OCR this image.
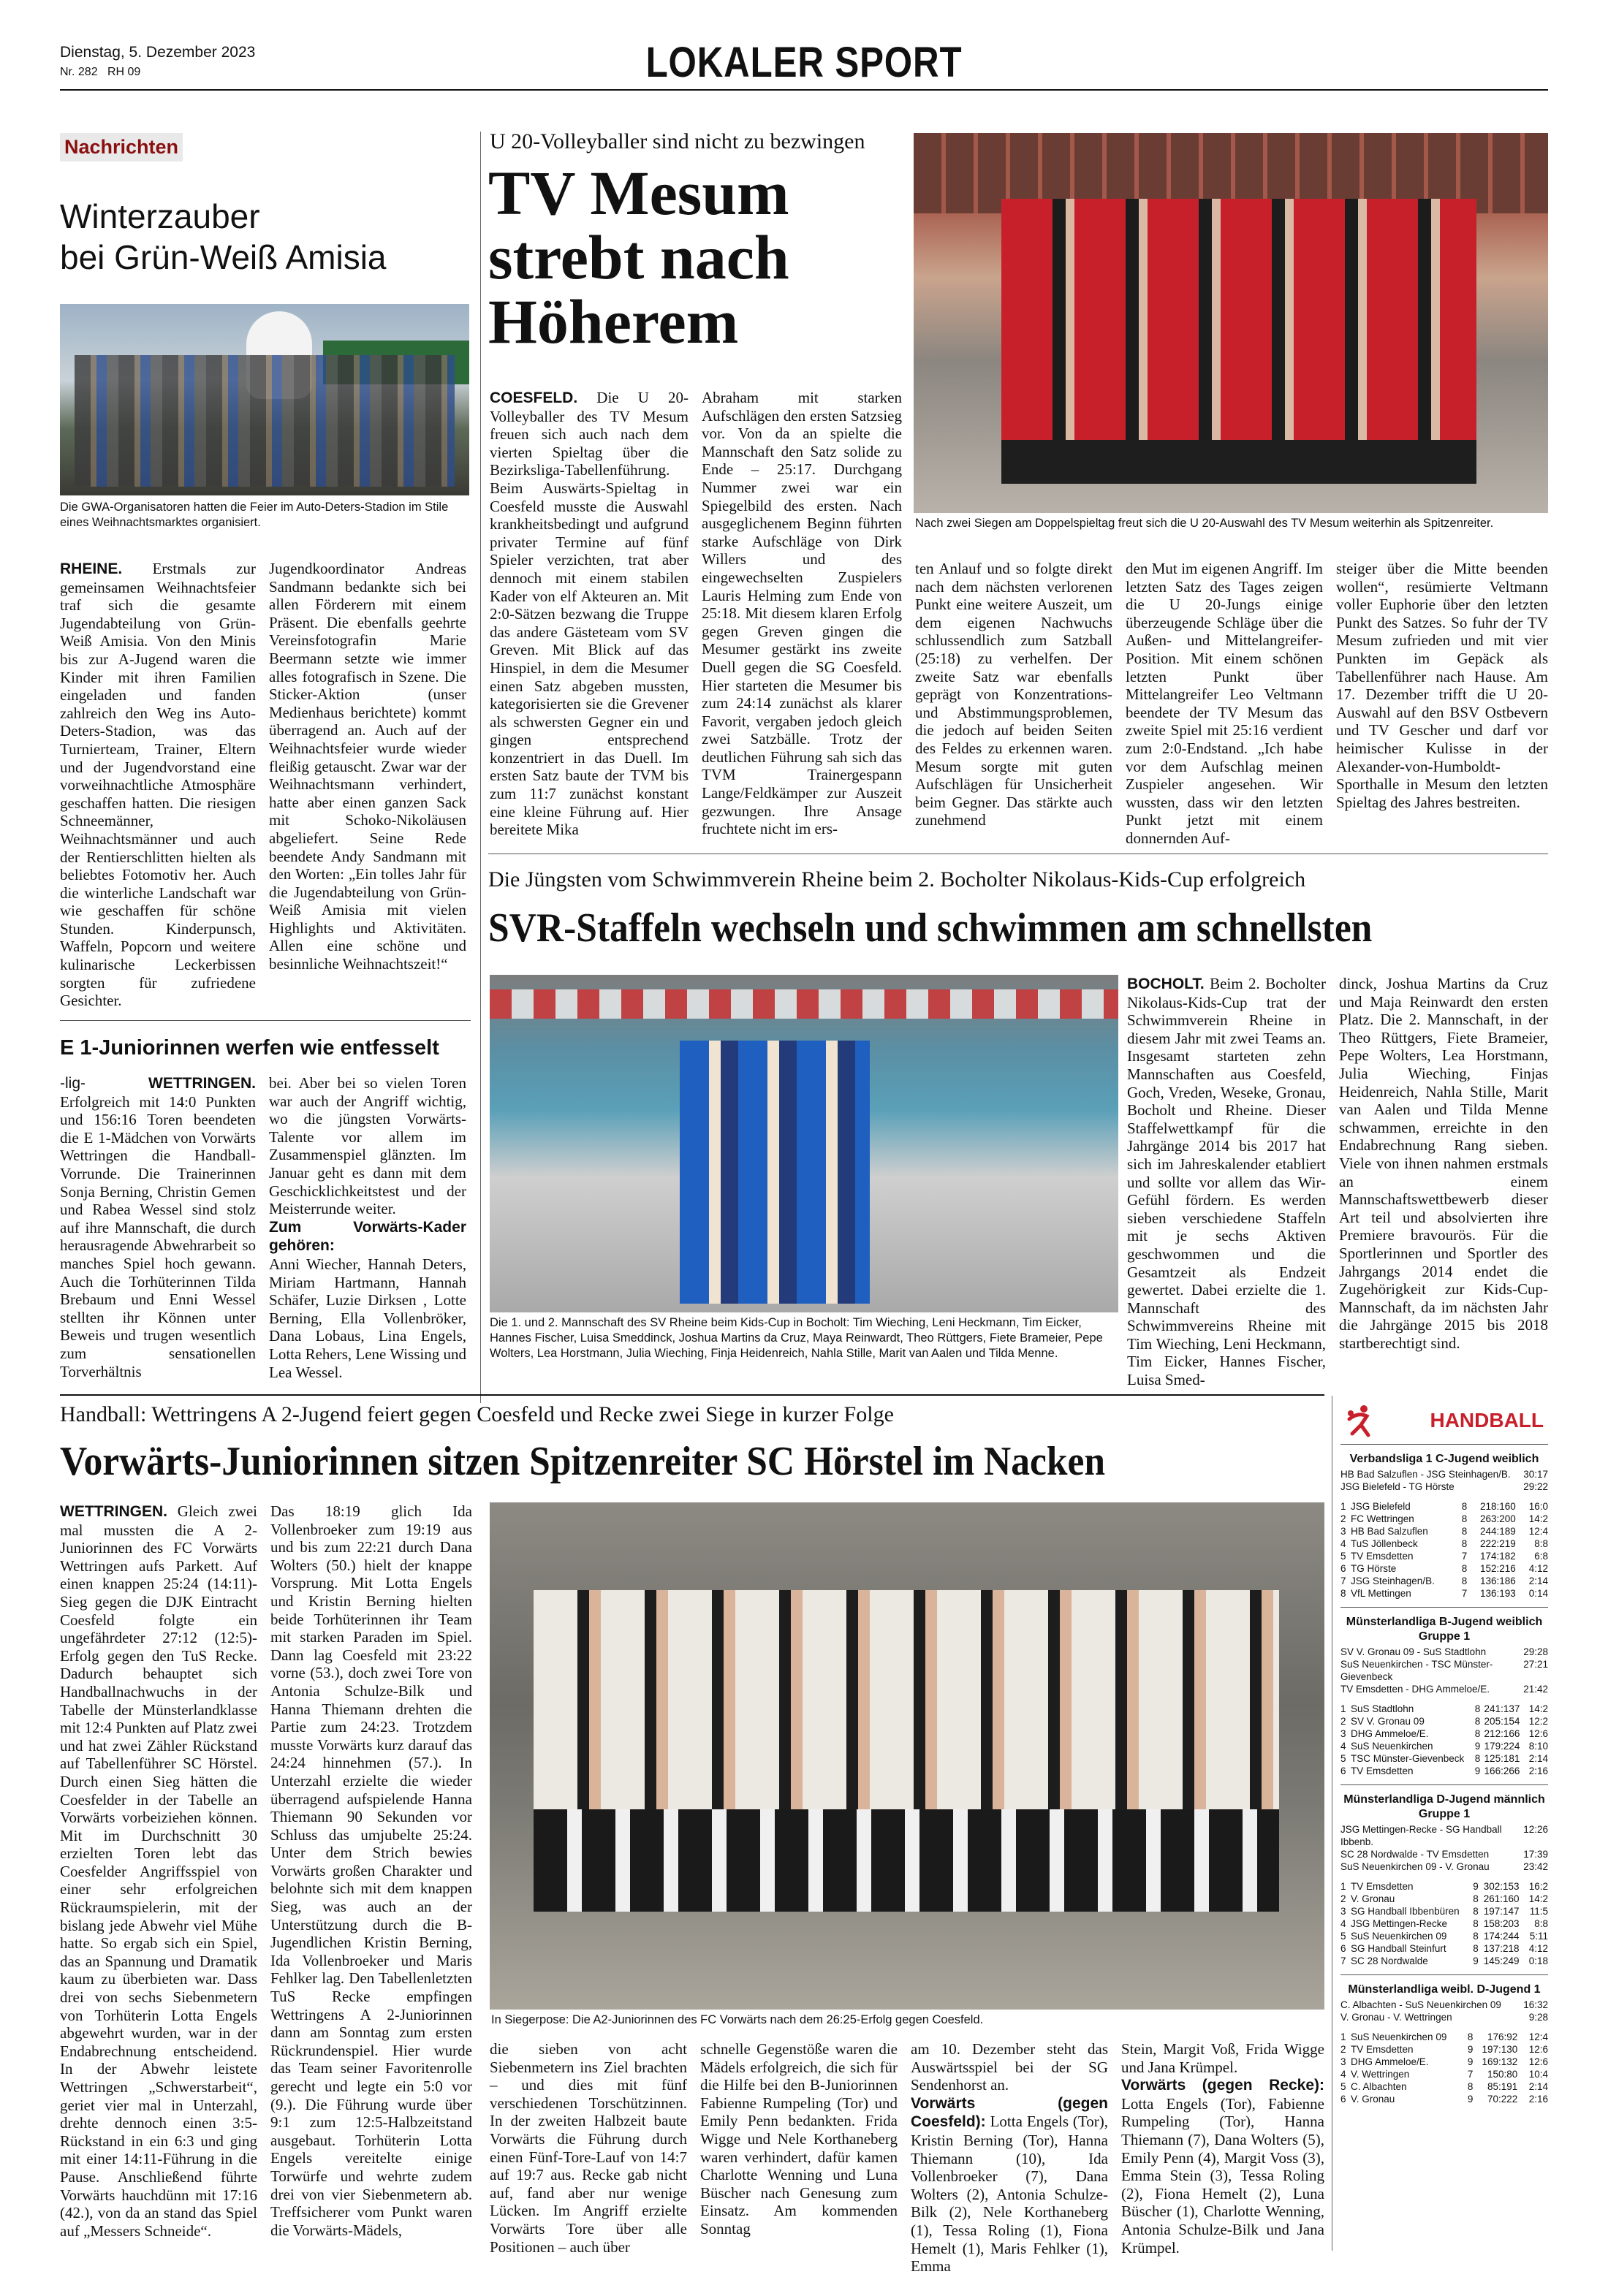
Dienstag, 5. Dezember 2023
Nr. 282 RH 09	LOKALER SPORT
Nachrichten
Winterzauber
bei Grün-Weiß Amisia
Die GWA-Organisatoren hatten die Feier im Auto-Deters-Stadion im Stile eines Weihnachtsmarktes organisiert.
RHEINE. Erstmals zur gemeinsamen Weihnachtsfeier traf sich die gesamte Jugendabteilung von Grün-Weiß Amisia. Von den Minis bis zur A-Jugend waren die Kinder mit ihren Familien eingeladen und fanden zahlreich den Weg ins Auto-Deters-Stadion, was das Turnierteam, Trainer, Eltern und der Jugendvorstand eine vorweihnachtliche Atmosphäre geschaffen hatten. Die riesigen Schneemänner, Weihnachtsmänner und auch der Rentierschlitten hielten als beliebtes Fotomotiv her. Auch die winterliche Landschaft war wie geschaffen für schöne Stunden. Kinderpunsch, Waffeln, Popcorn und weitere kulinarische Leckerbissen sorgten für zufriedene Gesichter.
Jugendkoordinator Andreas Sandmann bedankte sich bei allen Förderern mit einem Präsent. Die ebenfalls geehrte Vereinsfotografin Marie Beermann setzte wie immer alles fotografisch in Szene. Die Sticker-Aktion (unser Medienhaus berichtete) kommt überragend an. Auch auf der Weihnachtsfeier wurde wieder fleißig getauscht. Zwar war der Weihnachtsmann verhindert, hatte aber einen ganzen Sack mit Schoko-Nikoläusen abgeliefert. Seine Rede beendete Andy Sandmann mit den Worten: „Ein tolles Jahr für die Jugendabteilung von Grün-Weiß Amisia mit vielen Highlights und Aktivitäten. Allen eine schöne und besinnliche Weihnachtszeit!“
E 1-Juniorinnen werfen wie entfesselt
-lig-	WETTRINGEN. Erfolgreich mit 14:0 Punkten und 156:16 Toren beendeten die E 1-Mädchen von Vorwärts Wettringen die Handball-Vorrunde. Die Trainerinnen Sonja Berning, Christin Gemen und Rabea Wessel sind stolz auf ihre Mannschaft, die durch herausragende Abwehrarbeit so manches Spiel hoch gewann. Auch die Torhüterinnen Tilda Brebaum und Enni Wessel stellten ihr Können unter Beweis und trugen wesentlich zum sensationellen Torverhältnis
bei. Aber bei so vielen Toren war auch der Angriff wichtig, wo die jüngsten Vorwärts-Talente vor allem im Zusammenspiel glänzten. Im Januar geht es dann mit dem Geschicklichkeitstest und der Meisterrunde weiter.
Zum Vorwärts-Kader gehören:
Anni Wiecher, Hannah Deters, Miriam Hartmann, Hannah Schäfer, Luzie Dirksen , Lotte Berning, Ella Vollenbröker, Dana Lobaus, Lina Engels, Lotta Rehers, Lene Wissing und Lea Wessel.
U 20-Volleyballer sind nicht zu bezwingen
TV Mesum
strebt nach
Höherem
Nach zwei Siegen am Doppelspieltag freut sich die U 20-Auswahl des TV Mesum weiterhin als Spitzenreiter.
COESFELD. Die U 20-Volleyballer des TV Mesum freuen sich auch nach dem vierten Spieltag über die Bezirksliga-Tabellenführung. Beim Auswärts-Spieltag in Coesfeld musste die Auswahl krankheitsbedingt und aufgrund privater Termine auf fünf Spieler verzichten, trat aber dennoch mit einem stabilen Kader von elf Akteuren an. Mit 2:0-Sätzen bezwang die Truppe das andere Gästeteam vom SV Greven. Mit Blick auf das Hinspiel, in dem die Mesumer einen Satz abgeben mussten, kategorisierten sie die Grevener als schwersten Gegner ein und gingen entsprechend konzentriert in das Duell. Im ersten Satz baute der TVM bis zum 11:7 zunächst konstant eine kleine Führung auf. Hier bereitete Mika
Abraham mit starken Aufschlägen den ersten Satzsieg vor. Von da an spielte die Mannschaft den Satz solide zu Ende – 25:17. Durchgang Nummer zwei war ein Spiegelbild des ersten. Nach ausgeglichenem Beginn führten starke Aufschläge von Dirk Willers und des eingewechselten Zuspielers Lauris Helming zum Ende von 25:18. Mit diesem klaren Erfolg gegen Greven gingen die Mesumer gestärkt ins zweite Duell gegen die SG Coesfeld. Hier starteten die Mesumer bis zum 24:14 zunächst als klarer Favorit, vergaben jedoch gleich zwei Satzbälle. Trotz der deutlichen Führung sah sich das TVM Trainergespann Lange/Feldkämper zur Auszeit gezwungen. Ihre Ansage fruchtete nicht im ers-
ten Anlauf und so folgte direkt nach dem nächsten verlorenen Punkt eine weitere Auszeit, um dem eigenen Nachwuchs schlussendlich zum Satzball (25:18) zu verhelfen. Der zweite Satz war ebenfalls geprägt von Konzentrations- und Abstimmungsproblemen, die jedoch auf beiden Seiten des Feldes zu erkennen waren. Mesum sorgte mit guten Aufschlägen für Unsicherheit beim Gegner. Das stärkte auch zunehmend
den Mut im eigenen Angriff. Im letzten Satz des Tages zeigen die U 20-Jungs einige überzeugende Schläge über die Außen- und Mittelangreifer-Position. Mit einem schönen letzten Punkt über Mittelangreifer Leo Veltmann beendete der TV Mesum das zweite Spiel mit 25:16 verdient zum 2:0-Endstand. „Ich habe vor dem Aufschlag meinen Zuspieler angesehen. Wir wussten, dass wir den letzten Punkt jetzt mit einem donnernden Auf-
steiger über die Mitte beenden wollen“, resümierte Veltmann voller Euphorie über den letzten Punkt des Satzes. So fuhr der TV Mesum zufrieden und mit vier Punkten im Gepäck als Tabellenführer nach Hause. Am 17. Dezember trifft die U 20-Auswahl auf den BSV Ostbevern und TV Gescher und darf vor heimischer Kulisse in der Alexander-von-Humboldt-Sporthalle in Mesum den letzten Spieltag des Jahres bestreiten.
Die Jüngsten vom Schwimmverein Rheine beim 2. Bocholter Nikolaus-Kids-Cup erfolgreich
SVR-Staffeln wechseln und schwimmen am schnellsten
Die 1. und 2. Mannschaft des SV Rheine beim Kids-Cup in Bocholt: Tim Wieching, Leni Heckmann, Tim Eicker, Hannes Fischer, Luisa Smeddinck, Joshua Martins da Cruz, Maya Reinwardt, Theo Rüttgers, Fiete Brameier, Pepe Wolters, Lea Horstmann, Julia Wieching, Finja Heidenreich, Nahla Stille, Marit van Aalen und Tilda Menne.
BOCHOLT. Beim 2. Bocholter Nikolaus-Kids-Cup trat der Schwimmverein Rheine in diesem Jahr mit zwei Teams an. Insgesamt starteten zehn Mannschaften aus Coesfeld, Goch, Vreden, Weseke, Gronau, Bocholt und Rheine. Dieser Staffelwettkampf für die Jahrgänge 2014 bis 2017 hat sich im Jahreskalender etabliert und sollte vor allem das Wir-Gefühl fördern. Es werden sieben verschiedene Staffeln mit je sechs Aktiven geschwommen und die Gesamtzeit als Endzeit gewertet. Dabei erzielte die 1. Mannschaft des Schwimmvereins Rheine mit Tim Wieching, Leni Heckmann, Tim Eicker, Hannes Fischer, Luisa Smed-
dinck, Joshua Martins da Cruz und Maja Reinwardt den ersten Platz. Die 2. Mannschaft, in der Theo Rüttgers, Fiete Brameier, Pepe Wolters, Lea Horstmann, Julia Wieching, Finjas Heidenreich, Nahla Stille, Marit van Aalen und Tilda Menne schwammen, erreichte in den Endabrechnung Rang sieben. Viele von ihnen nahmen erstmals an einem Mannschaftswettbewerb dieser Art teil und absolvierten ihre Premiere bravourös. Für die Sportlerinnen und Sportler des Jahrgangs 2014 endet die Zugehörigkeit zur Kids-Cup-Mannschaft, da im nächsten Jahr die Jahrgänge 2015 bis 2018 startberechtigt sind.
Handball: Wettringens A 2-Jugend feiert gegen Coesfeld und Recke zwei Siege in kurzer Folge
Vorwärts-Juniorinnen sitzen Spitzenreiter SC Hörstel im Nacken
WETTRINGEN. Gleich zwei mal mussten die A 2-Juniorinnen des FC Vorwärts Wettringen aufs Parkett. Auf einen knappen 25:24 (14:11)-Sieg gegen die DJK Eintracht Coesfeld folgte ein ungefährdeter 27:12 (12:5)-Erfolg gegen den TuS Recke. Dadurch behauptet sich Handballnachwuchs in der Tabelle der Münsterlandklasse mit 12:4 Punkten auf Platz zwei und hat zwei Zähler Rückstand auf Tabellenführer SC Hörstel. Durch einen Sieg hätten die Coesfelder in der Tabelle an Vorwärts vorbeiziehen können. Mit im Durchschnitt 30 erzielten Toren lebt das Coesfelder Angriffsspiel von einer sehr erfolgreichen Rückraumspielerin, mit der bislang jede Abwehr viel Mühe hatte. So ergab sich ein Spiel, das an Spannung und Dramatik kaum zu überbieten war. Dass drei von sechs Siebenmetern von Torhüterin Lotta Engels abgewehrt wurden, war in der Endabrechnung entscheidend. In der Abwehr leistete Wettringen „Schwerstarbeit“, geriet vier mal in Unterzahl, drehte dennoch einen 3:5-Rückstand in ein 6:3 und ging mit einer 14:11-Führung in die Pause. Anschließend führte Vorwärts hauchdünn mit 17:16 (42.), von da an stand das Spiel auf „Messers Schneide“.
Das 18:19 glich Ida Vollenbroeker zum 19:19 aus und bis zum 22:21 durch Dana Wolters (50.) hielt der knappe Vorsprung. Mit Lotta Engels und Kristin Berning hielten beide Torhüterinnen ihr Team mit starken Paraden im Spiel. Dann lag Coesfeld mit 23:22 vorne (53.), doch zwei Tore von Antonia Schulze-Bilk und Hanna Thiemann drehten die Partie zum 24:23. Trotzdem musste Vorwärts kurz darauf das 24:24 hinnehmen (57.). In Unterzahl erzielte die wieder überragend aufspielende Hanna Thiemann 90 Sekunden vor Schluss das umjubelte 25:24. Unter dem Strich bewies Vorwärts großen Charakter und belohnte sich mit dem knappen Sieg, was auch an der Unterstützung durch die B-Jugendlichen Kristin Berning, Ida Vollenbroeker und Maris Fehlker lag. Den Tabellenletzten TuS Recke empfingen Wettringens A 2-Juniorinnen dann am Sonntag zum ersten Rückrundenspiel. Hier wurde das Team seiner Favoritenrolle gerecht und legte ein 5:0 vor (9.). Die Führung wurde über 9:1 zum 12:5-Halbzeitstand ausgebaut. Torhüterin Lotta Engels vereitelte einige Torwürfe und wehrte zudem drei von vier Siebenmetern ab. Treffsicherer vom Punkt waren die Vorwärts-Mädels,
In Siegerpose: Die A2-Juniorinnen des FC Vorwärts nach dem 26:25-Erfolg gegen Coesfeld.
die sieben von acht Siebenmetern ins Ziel brachten – und dies mit fünf verschiedenen Torschützinnen. In der zweiten Halbzeit baute Vorwärts die Führung durch einen Fünf-Tore-Lauf von 14:7 auf 19:7 aus. Recke gab nicht auf, fand aber nur wenige Lücken. Im Angriff erzielte Vorwärts Tore über alle Positionen – auch über
schnelle Gegenstöße waren die Mädels erfolgreich, die sich für die Hilfe bei den B-Juniorinnen Fabienne Rumpeling (Tor) und Emily Penn bedankten. Frida Wigge und Nele Korthaneberg waren verhindert, dafür kamen Charlotte Wenning und Luna Büscher nach Genesung zum Einsatz. Am kommenden Sonntag
am 10. Dezember steht das Auswärtsspiel bei der SG Sendenhorst an.
Vorwärts (gegen Coesfeld): Lotta Engels (Tor), Kristin Berning (Tor), Hanna Thiemann (10), Ida Vollenbroeker (7), Dana Wolters (2), Antonia Schulze-Bilk (2), Nele Korthaneberg (1), Tessa Roling (1), Fiona Hemelt (1), Maris Fehlker (1), Emma
Stein, Margit Voß, Frida Wigge und Jana Krümpel.
Vorwärts (gegen Recke): Lotta Engels (Tor), Fabienne Rumpeling (Tor), Hanna Thiemann (7), Dana Wolters (5), Emily Penn (4), Margit Voss (3), Emma Stein (3), Tessa Roling (2), Fiona Hemelt (2), Luna Büscher (1), Charlotte Wenning, Antonia Schulze-Bilk und Jana Krümpel.
HANDBALL
Verbandsliga 1 C-Jugend weiblich
HB Bad Salzuflen - JSG Steinhagen/B. 30:17
JSG Bielefeld - TG Hörste	29:22
1	JSG Bielefeld	8	218:160	16:0
2	FC Wettringen	8	263:200	14:2
3	HB Bad Salzuflen	8	244:189	12:4
4	TuS Jöllenbeck	8	222:219	8:8
5	TV Emsdetten	7	174:182	6:8
6	TG Hörste	8	152:216	4:12
7	JSG Steinhagen/B.	8	136:186	2:14
8	VfL Mettingen	7	136:193	0:14
Münsterlandliga B-Jugend weiblich
Gruppe 1
SV V. Gronau 09 - SuS Stadtlohn	29:28
SuS Neuenkirchen - TSC Münster-Gievenbeck
27:21
TV Emsdetten - DHG Ammeloe/E.	21:42
1	SuS Stadtlohn	8	241:137	14:2
2	SV V. Gronau 09	8	205:154	12:2
3	DHG Ammeloe/E.	8	212:166	12:6
4	SuS Neuenkirchen	9	179:224	8:10
5	TSC Münster-Gievenbeck	8	125:181	2:14
6	TV Emsdetten	9	166:266	2:16
Münsterlandliga D-Jugend männlich
Gruppe 1
JSG Mettingen-Recke - SG Handball Ibbenb.
12:26
SC 28 Nordwalde - TV Emsdetten	17:39
SuS Neuenkirchen 09 - V. Gronau	23:42
1	TV Emsdetten	9	302:153	16:2
2	V. Gronau	8	261:160	14:2
3	SG Handball Ibbenbüren	8	197:147	11:5
4	JSG Mettingen-Recke	8	158:203	8:8
5	SuS Neuenkirchen 09	8	174:244	5:11
6	SG Handball Steinfurt	8	137:218	4:12
7	SC 28 Nordwalde	9	145:249	0:18
Münsterlandliga weibl. D-Jugend 1
C. Albachten - SuS Neuenkirchen 09 16:32
V. Gronau - V. Wettringen	9:28
1	SuS Neuenkirchen 09	8	176:92	12:4
2	TV Emsdetten	9	197:130	12:6
3	DHG Ammeloe/E.	9	169:132	12:6
4	V. Wettringen	7	150:80	10:4
5	C. Albachten	8	85:191	2:14
6	V. Gronau	9	70:222	2:16
